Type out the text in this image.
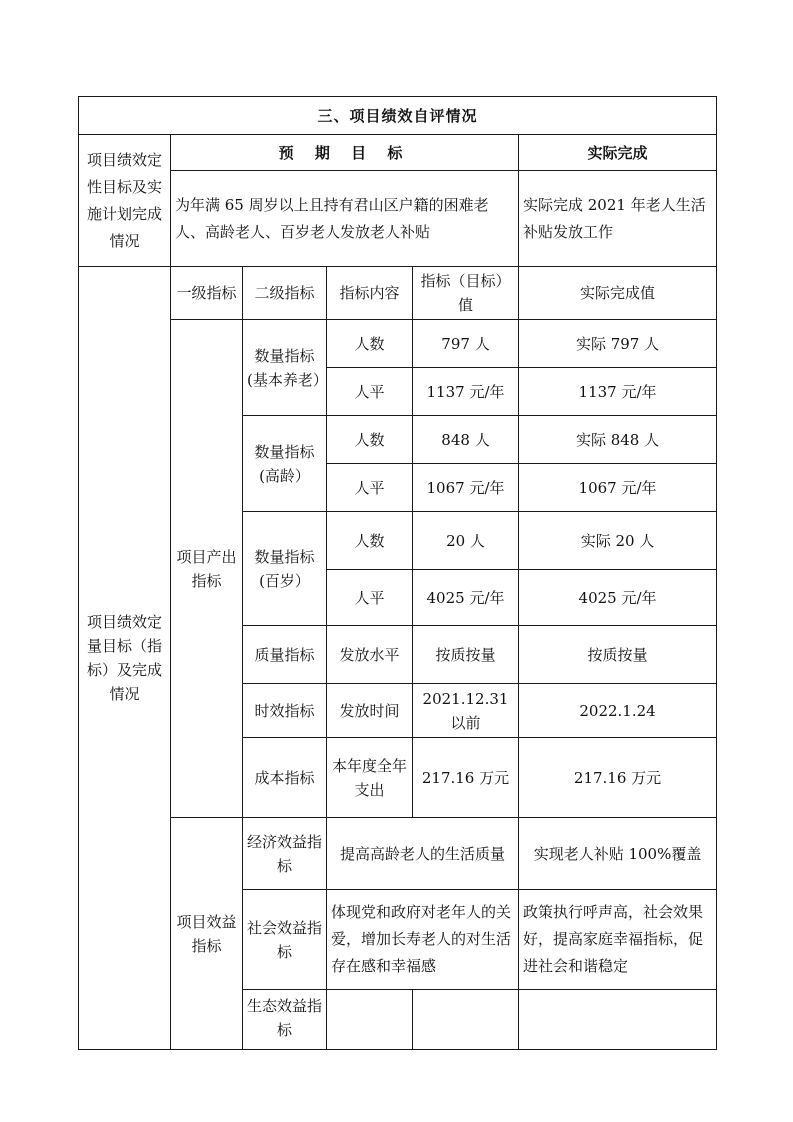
三、项目绩效自评情况					
项目绩效定性目标及实施计划完成情况	预 期 目 标				实际完成
	为年满 65 周岁以上且持有君山区户籍的困难老人、高龄老人、百岁老人发放老人补贴				实际完成 2021 年老人生活补贴发放工作
项目绩效定量目标（指标）及完成情况	一级指标	二级指标	指标内容	指标（目标）值	实际完成值
	项目产出指标	数量指标(基本养老）	人数	797 人	实际 797 人
			人平	1137 元/年	1137 元/年
		数量指标(高龄）	人数	848 人	实际 848 人
			人平	1067 元/年	1067 元/年
		数量指标(百岁）	人数	20 人	实际 20 人
			人平	4025 元/年	4025 元/年
		质量指标	发放水平	按质按量	按质按量
		时效指标	发放时间	2021.12.31 以前	2022.1.24
		成本指标	本年度全年支出	217.16 万元	217.16 万元
	项目效益指标	经济效益指标	提高高龄老人的生活质量		实现老人补贴 100%覆盖
		社会效益指标	体现党和政府对老年人的关爱，增加长寿老人的对生活存在感和幸福感		政策执行呼声高，社会效果好，提高家庭幸福指标，促进社会和谐稳定
		生态效益指标			
